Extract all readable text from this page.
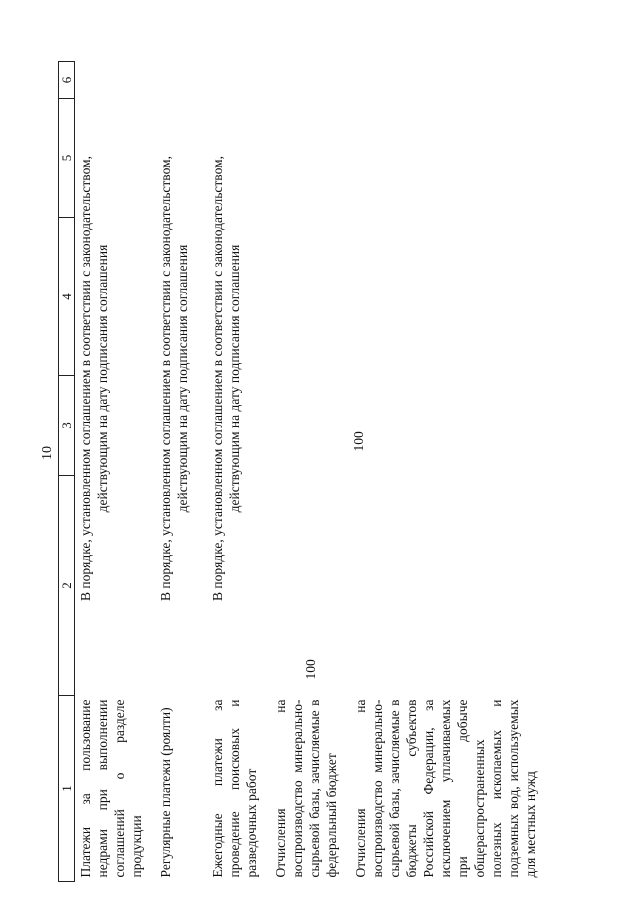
10
1	2	3	4	5	6
Платежи за пользование недрами при выполнении соглашений о разделе продукции	В порядке, установленном соглашением в соответствии с законодательством, действующим на дату подписания соглашения				

Регулярные платежи (роялти)	В порядке, установленном соглашением в соответствии с законодательством, действующим на дату подписания соглашения				

Ежегодные платежи за проведение поисковых и разведочных работ	В порядке, установленном соглашением в соответствии с законодательством, действующим на дату подписания соглашения				

Отчисления на воспроизводство минерально-сырьевой базы, зачисляемые в федеральный бюджет	100				

Отчисления на воспроизводство минерально-сырьевой базы, зачисляемые в бюджеты субъектов Российской Федерации, за исключением уплачиваемых при добыче общераспространенных полезных ископаемых и подземных вод, используемых для местных нужд		100			
